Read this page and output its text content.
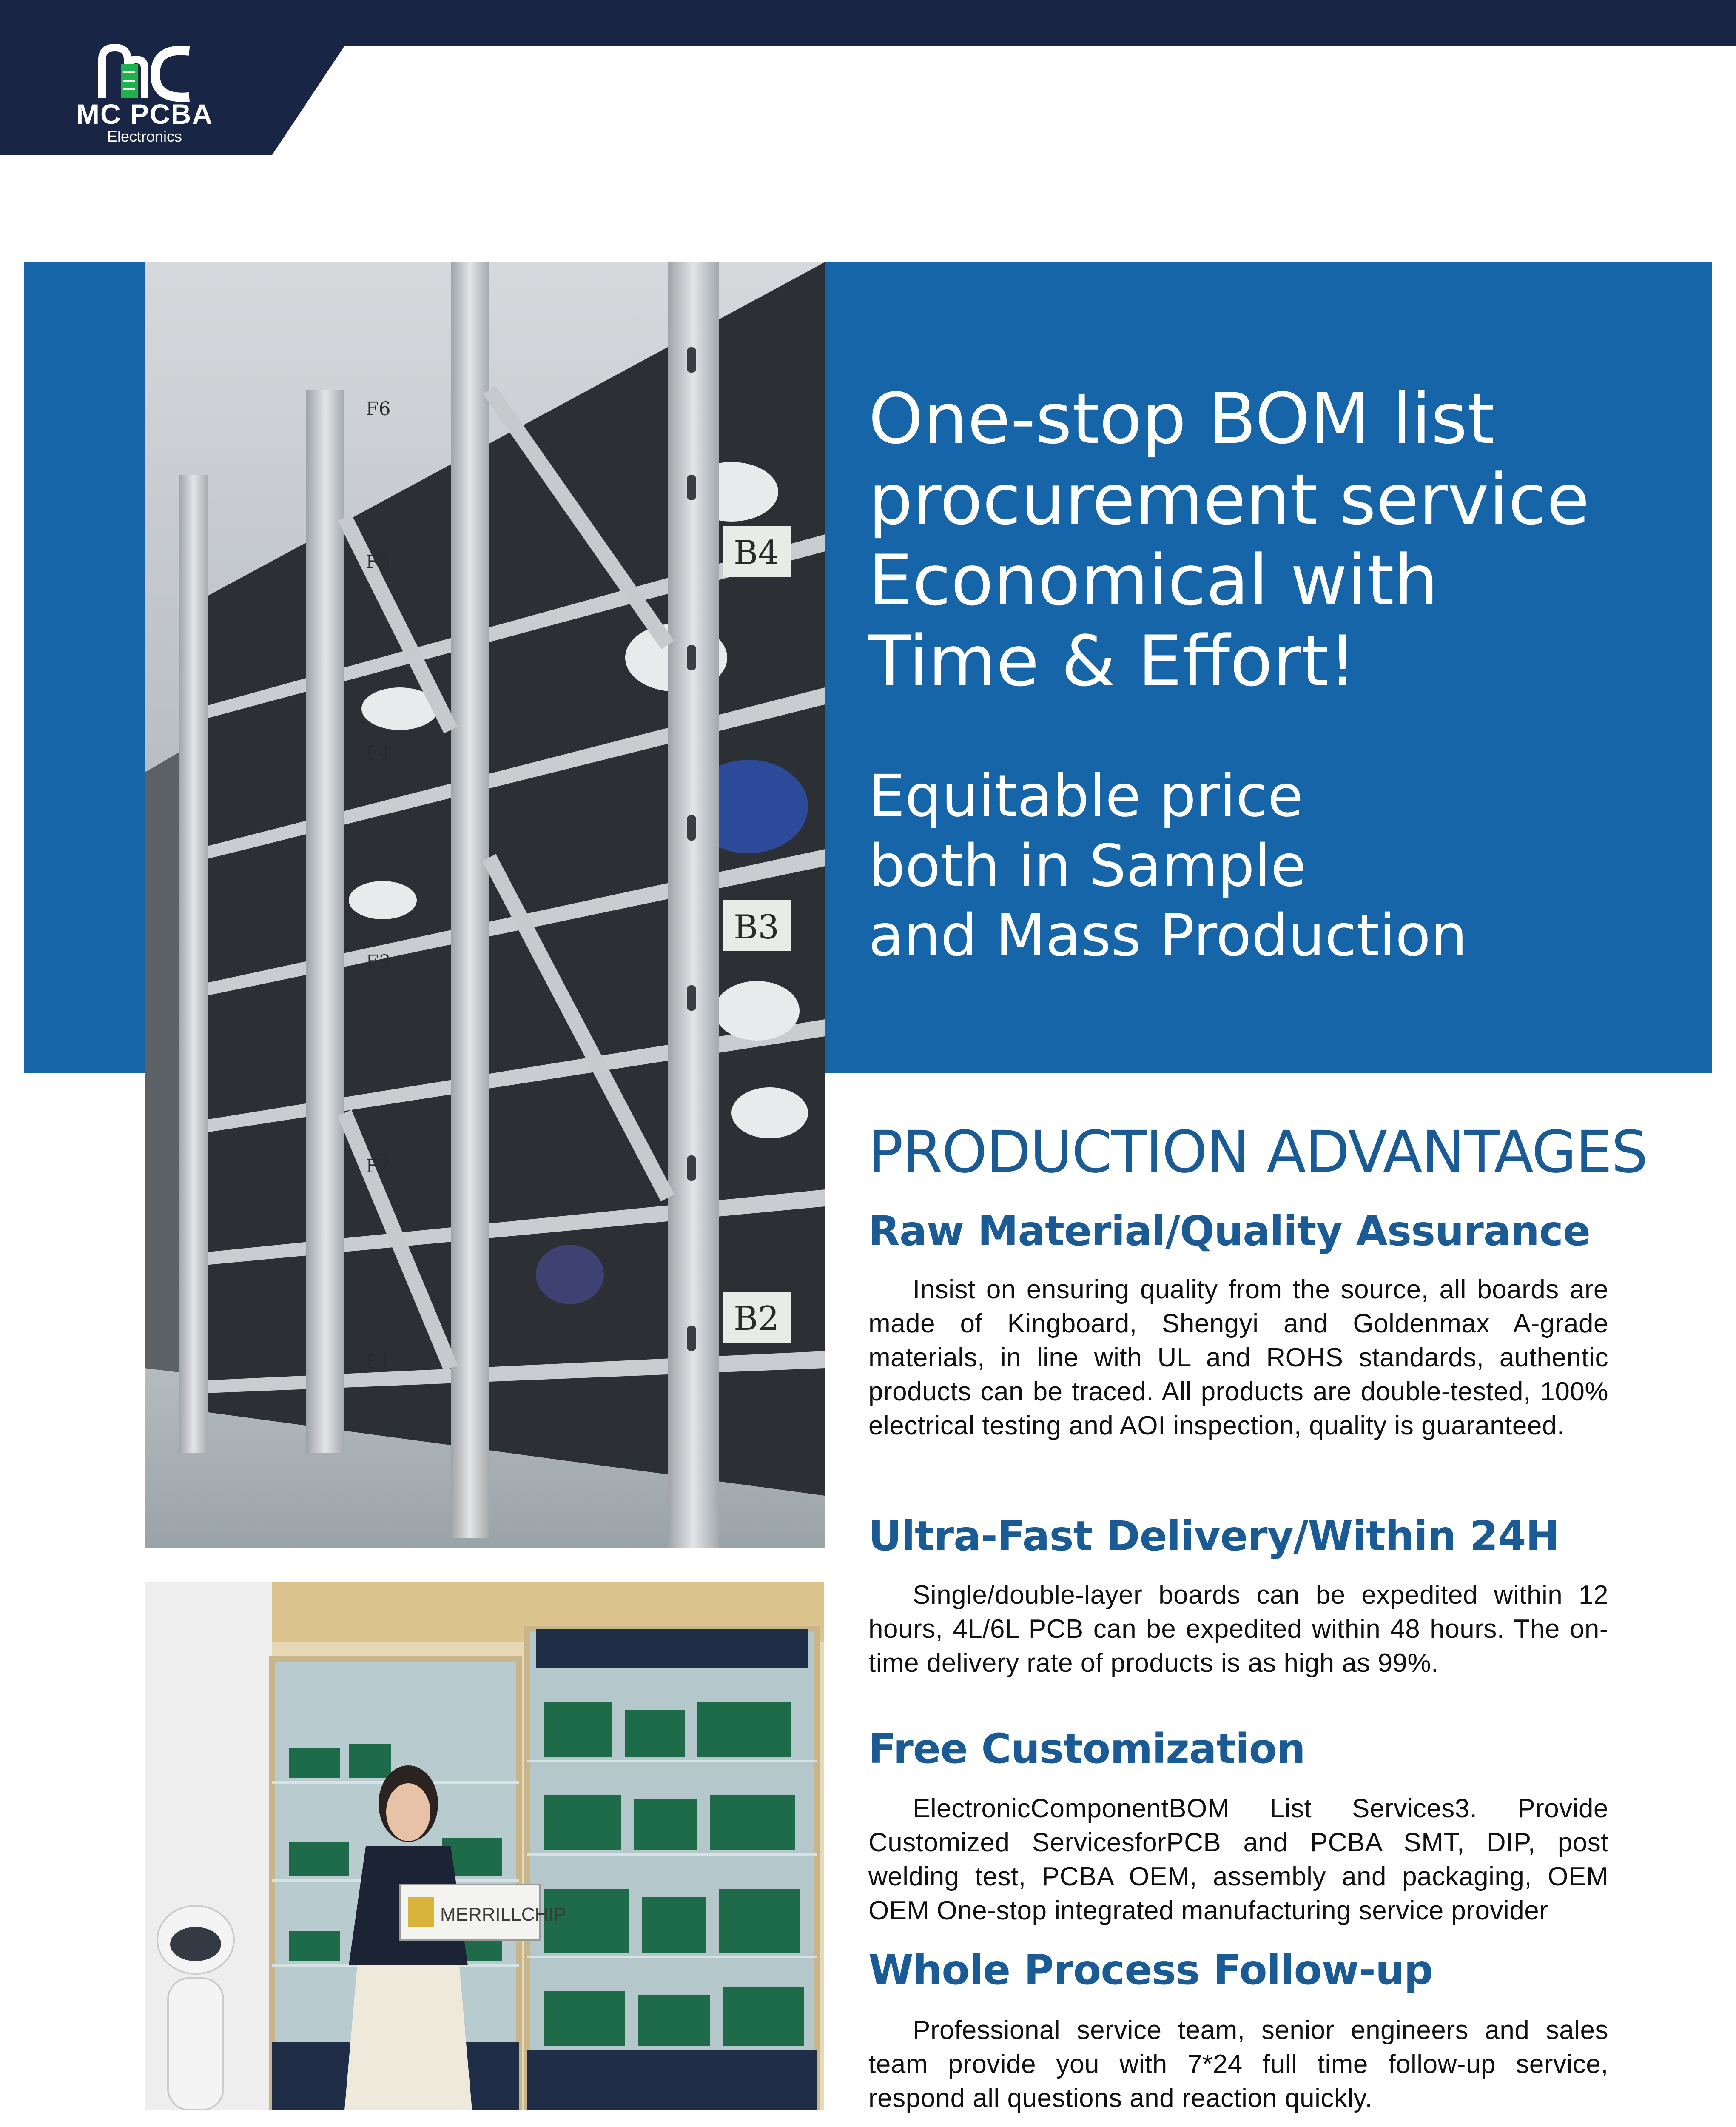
MC PCBA
Electronics
One-stop BOM list
procurement service
Economical with
Time & Effort!

Equitable price
both in Sample
and Mass Production

B4
B3
B2
F6
F5
F4
F3
F2
F1
MERRILLCHIP
PRODUCTION ADVANTAGES
Raw Material/Quality Assurance

Insist on ensuring quality from the source, all boards are made of Kingboard, Shengyi and Goldenmax A-grade materials, in line with UL and ROHS standards, authentic products can be traced. All products are double-tested, 100% electrical testing and AOI inspection, quality is guaranteed.

Ultra-Fast Delivery/Within 24H

Single/double-layer boards can be expedited within 12 hours, 4L/6L PCB can be expedited within 48 hours. The on-time delivery rate of products is as high as 99%.

Free Customization

ElectronicComponentBOM List Services3. Provide Customized ServicesforPCB and PCBA SMT, DIP, post welding test, PCBA OEM, assembly and packaging, OEM OEM One-stop integrated manufacturing service provider

Whole Process Follow-up

Professional service team, senior engineers and sales team provide you with 7*24 full time follow-up service, respond all questions and reaction quickly.
